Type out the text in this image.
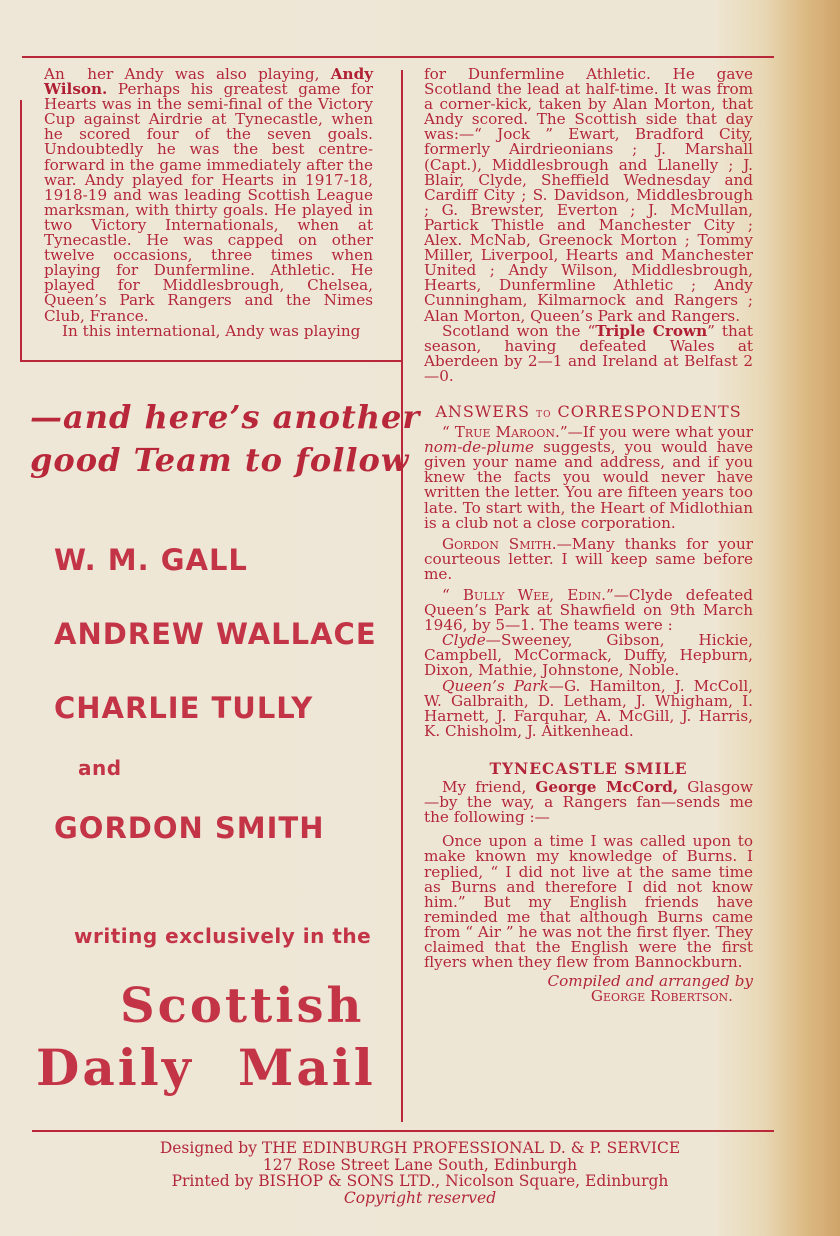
An her Andy was also playing, Andy Wilson. Perhaps his greatest game for Hearts was in the semi-final of the Victory Cup against Airdrie at Tynecastle, when he scored four of the seven goals. Undoubtedly he was the best centre-forward in the game immediately after the war. Andy played for Hearts in 1917-18, 1918-19 and was leading Scottish League marksman, with thirty goals. He played in two Victory Internationals, when at Tynecastle. He was capped on other twelve occasions, three times when playing for Dunfermline. Athletic. He played for Middlesbrough, Chelsea, Queen’s Park Rangers and the Nimes Club, France.

In this international, Andy was playing

for Dunfermline Athletic. He gave Scotland the lead at half-time. It was from a corner-kick, taken by Alan Morton, that Andy scored. The Scottish side that day was:—“ Jock ” Ewart, Bradford City, formerly Airdrieonians ; J. Marshall (Capt.), Middlesbrough and Llanelly ; J. Blair, Clyde, Sheffield Wednesday and Cardiff City ; S. Davidson, Middlesbrough ; G. Brewster, Everton ; J. McMullan, Partick Thistle and Manchester City ; Alex. McNab, Greenock Morton ; Tommy Miller, Liverpool, Hearts and Manchester United ; Andy Wilson, Middlesbrough, Hearts, Dunfermline Athletic ; Andy Cunningham, Kilmarnock and Rangers ; Alan Morton, Queen’s Park and Rangers.

Scotland won the “Triple Crown” that season, having defeated Wales at Aberdeen by 2—1 and Ireland at Belfast 2—0.

ANSWERS to CORRESPONDENTS

“ True Maroon.”—If you were what your nom-de-plume suggests, you would have given your name and address, and if you knew the facts you would never have written the letter. You are fifteen years too late. To start with, the Heart of Midlothian is a club not a close corporation.

Gordon Smith.—Many thanks for your courteous letter. I will keep same before me.

“ Bully Wee, Edin.”—Clyde defeated Queen’s Park at Shawfield on 9th March 1946, by 5—1. The teams were :

Clyde—Sweeney, Gibson, Hickie, Campbell, McCormack, Duffy, Hepburn, Dixon, Mathie, Johnstone, Noble.

Queen’s Park—G. Hamilton, J. McColl, W. Galbraith, D. Letham, J. Whigham, I. Harnett, J. Farquhar, A. McGill, J. Harris, K. Chisholm, J. Aitkenhead.

TYNECASTLE SMILE

My friend, George McCord, Glasgow —by the way, a Rangers fan—sends me the following :—

Once upon a time I was called upon to make known my knowledge of Burns. I replied, “ I did not live at the same time as Burns and therefore I did not know him.” But my English friends have reminded me that although Burns came from “ Air ” he was not the first flyer. They claimed that the English were the first flyers when they flew from Bannockburn.

Compiled and arranged by

George Robertson.

—and here’s another
good Team to follow
W. M. GALL
ANDREW WALLACE
CHARLIE TULLY
and
GORDON SMITH
writing exclusively in the
Scottish
Daily Mail
Designed by THE EDINBURGH PROFESSIONAL D. & P. SERVICE
127 Rose Street Lane South, Edinburgh
Printed by BISHOP & SONS LTD., Nicolson Square, Edinburgh
Copyright reserved
